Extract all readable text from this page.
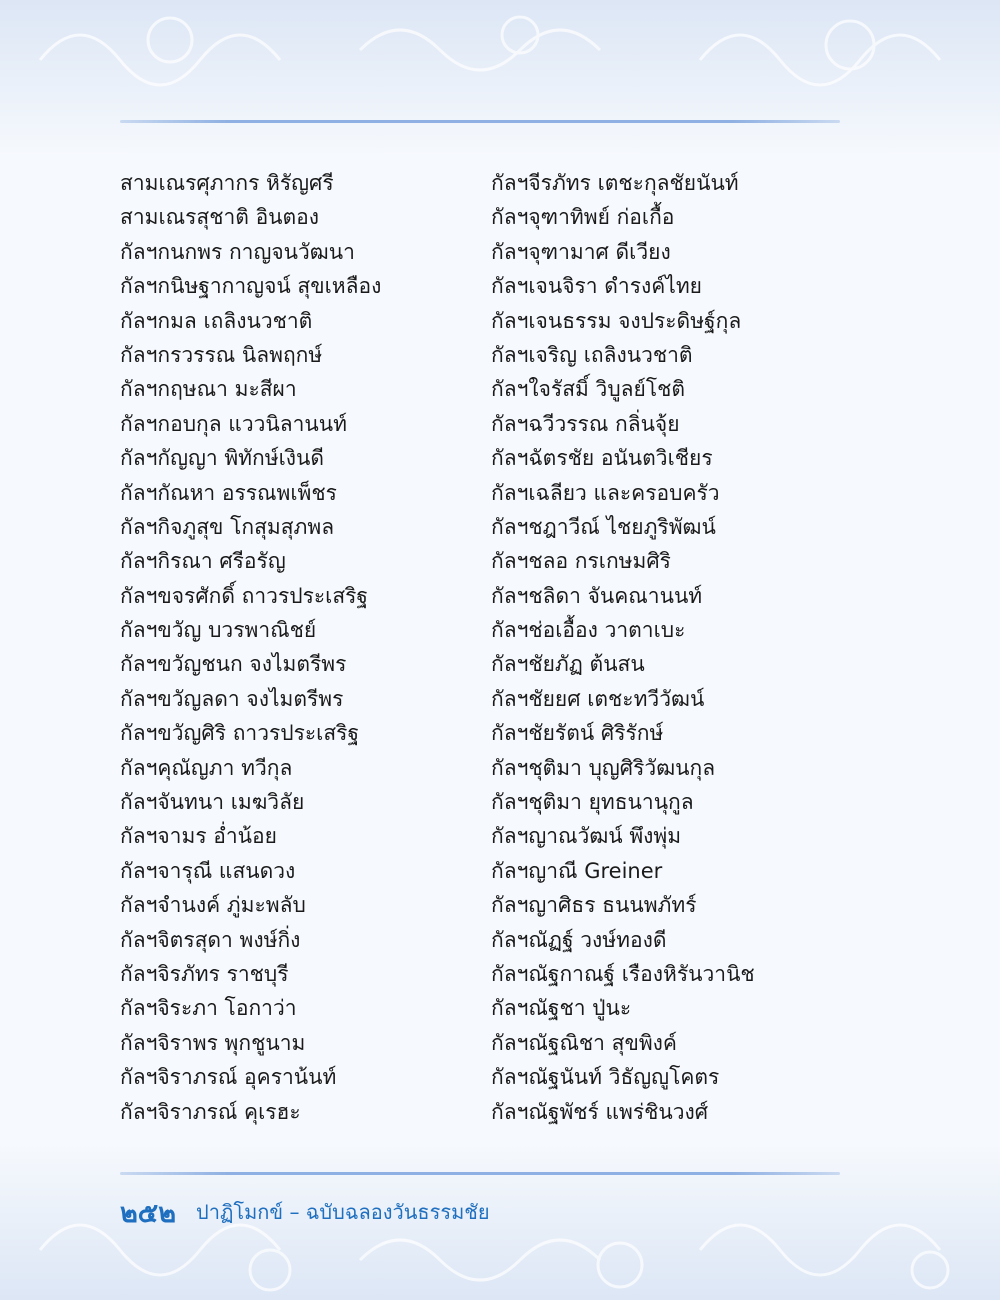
สามเณรศุภากร หิรัญศรี
สามเณรสุชาติ อินตอง
กัลฯกนกพร กาญจนวัฒนา
กัลฯกนิษฐากาญจน์ สุขเหลือง
กัลฯกมล เถลิงนวชาติ
กัลฯกรวรรณ นิลพฤกษ์
กัลฯกฤษณา มะสีผา
กัลฯกอบกุล แววนิลานนท์
กัลฯกัญญา พิทักษ์เงินดี
กัลฯกัณหา อรรณพเพ็ชร
กัลฯกิจภูสุข โกสุมสุภพล
กัลฯกิรณา ศรีอรัญ
กัลฯขจรศักดิ์ ถาวรประเสริฐ
กัลฯขวัญ บวรพาณิชย์
กัลฯขวัญชนก จงไมตรีพร
กัลฯขวัญลดา จงไมตรีพร
กัลฯขวัญศิริ ถาวรประเสริฐ
กัลฯคุณัญภา ทวีกุล
กัลฯจันทนา เมฆวิลัย
กัลฯจามร อ่ำน้อย
กัลฯจารุณี แสนดวง
กัลฯจำนงค์ ภู่มะพลับ
กัลฯจิตรสุดา พงษ์กิ่ง
กัลฯจิรภัทร ราชบุรี
กัลฯจิระภา โอกาว่า
กัลฯจิราพร พุกชูนาม
กัลฯจิราภรณ์ อุคราน้นท์
กัลฯจิราภรณ์ คุเรฮะ
กัลฯจีรภัทร เตชะกุลชัยนันท์
กัลฯจุฑาทิพย์ ก่อเกื้อ
กัลฯจุฑามาศ ดีเวียง
กัลฯเจนจิรา ดำรงค์ไทย
กัลฯเจนธรรม จงประดิษฐ์กุล
กัลฯเจริญ เถลิงนวชาติ
กัลฯใจรัสมิ์ วิบูลย์โชติ
กัลฯฉวีวรรณ กลิ่นจุ้ย
กัลฯฉัตรชัย อนันตวิเชียร
กัลฯเฉลียว และครอบครัว
กัลฯชฎาวีณ์ ไชยภูริพัฒน์
กัลฯชลอ กรเกษมศิริ
กัลฯชลิดา จันคณานนท์
กัลฯช่อเอื้อง วาตาเบะ
กัลฯชัยภัฏ ต้นสน
กัลฯชัยยศ เตชะทวีวัฒน์
กัลฯชัยรัตน์ ศิริรักษ์
กัลฯชุติมา บุญศิริวัฒนกุล
กัลฯชุติมา ยุทธนานุกูล
กัลฯญาณวัฒน์ พึงพุ่ม
กัลฯญาณี Greiner
กัลฯญาศิธร ธนนพภัทร์
กัลฯณัฏฐ์ วงษ์ทองดี
กัลฯณัฐกาณฐ์ เรืองหิรันวานิช
กัลฯณัฐชา ปู่นะ
กัลฯณัฐณิชา สุขพิงค์
กัลฯณัฐนันท์ วิธัญญูโคตร
กัลฯณัฐพัชร์ แพร่ชินวงศ์
๒๕๒ ปาฏิโมกข์ – ฉบับฉลองวันธรรมชัย
